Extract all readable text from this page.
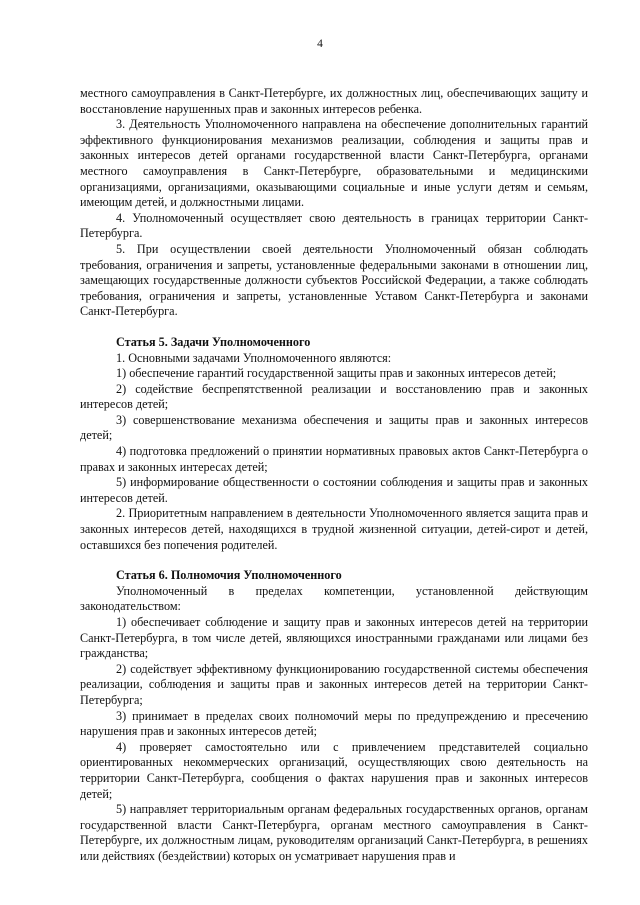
4

местного самоуправления в Санкт-Петербурге, их должностных лиц, обеспечивающих защиту и восстановление нарушенных прав и законных интересов ребенка.

3. Деятельность Уполномоченного направлена на обеспечение дополнительных гарантий эффективного функционирования механизмов реализации, соблюдения и защиты прав и законных интересов детей органами государственной власти Санкт-Петербурга, органами местного самоуправления в Санкт-Петербурге, образовательными и медицинскими организациями, организациями, оказывающими социальные и иные услуги детям и семьям, имеющим детей, и должностными лицами.

4. Уполномоченный осуществляет свою деятельность в границах территории Санкт-Петербурга.

5. При осуществлении своей деятельности Уполномоченный обязан соблюдать требования, ограничения и запреты, установленные федеральными законами в отношении лиц, замещающих государственные должности субъектов Российской Федерации, а также соблюдать требования, ограничения и запреты, установленные Уставом Санкт-Петербурга и законами Санкт-Петербурга.

Статья 5. Задачи Уполномоченного

1. Основными задачами Уполномоченного являются:

1) обеспечение гарантий государственной защиты прав и законных интересов детей;

2) содействие беспрепятственной реализации и восстановлению прав и законных интересов детей;

3) совершенствование механизма обеспечения и защиты прав и законных интересов детей;

4) подготовка предложений о принятии нормативных правовых актов Санкт-Петербурга о правах и законных интересах детей;

5) информирование общественности о состоянии соблюдения и защиты прав и законных интересов детей.

2. Приоритетным направлением в деятельности Уполномоченного является защита прав и законных интересов детей, находящихся в трудной жизненной ситуации, детей-сирот и детей, оставшихся без попечения родителей.

Статья 6. Полномочия Уполномоченного

Уполномоченный в пределах компетенции, установленной действующим законодательством:

1) обеспечивает соблюдение и защиту прав и законных интересов детей на территории Санкт-Петербурга, в том числе детей, являющихся иностранными гражданами или лицами без гражданства;

2) содействует эффективному функционированию государственной системы обеспечения реализации, соблюдения и защиты прав и законных интересов детей на территории Санкт-Петербурга;

3) принимает в пределах своих полномочий меры по предупреждению и пресечению нарушения прав и законных интересов детей;

4) проверяет самостоятельно или с привлечением представителей социально ориентированных некоммерческих организаций, осуществляющих свою деятельность на территории Санкт-Петербурга, сообщения о фактах нарушения прав и законных интересов детей;

5) направляет территориальным органам федеральных государственных органов, органам государственной власти Санкт-Петербурга, органам местного самоуправления в Санкт-Петербурге, их должностным лицам, руководителям организаций Санкт-Петербурга, в решениях или действиях (бездействии) которых он усматривает нарушения прав и
